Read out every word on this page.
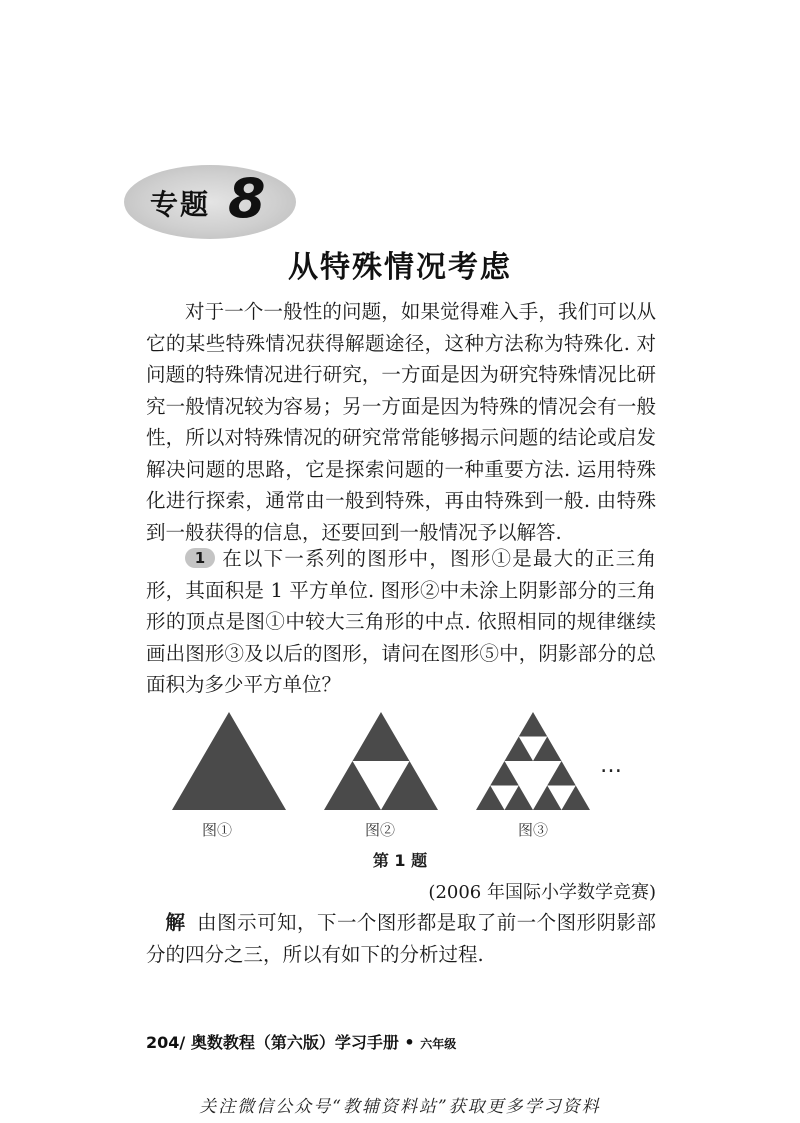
专题 8
从特殊情况考虑

对于一个一般性的问题，如果觉得难入手，我们可以从它的某些特殊情况获得解题途径，这种方法称为特殊化. 对问题的特殊情况进行研究，一方面是因为研究特殊情况比研究一般情况较为容易；另一方面是因为特殊的情况会有一般性，所以对特殊情况的研究常常能够揭示问题的结论或启发解决问题的思路，它是探索问题的一种重要方法. 运用特殊化进行探索，通常由一般到特殊，再由特殊到一般. 由特殊到一般获得的信息，还要回到一般情况予以解答.

1 在以下一系列的图形中，图形①是最大的正三角形，其面积是 1 平方单位. 图形②中未涂上阴影部分的三角形的顶点是图①中较大三角形的中点. 依照相同的规律继续画出图形③及以后的图形，请问在图形⑤中，阴影部分的总面积为多少平方单位？

…
图①	图②	图③
第 1 题
(2006 年国际小学数学竞赛)

解 由图示可知，下一个图形都是取了前一个图形阴影部分的四分之三，所以有如下的分析过程.

204/ 奥数教程（第六版）学习手册 • 六年级
关注微信公众号“教辅资料站”获取更多学习资料
